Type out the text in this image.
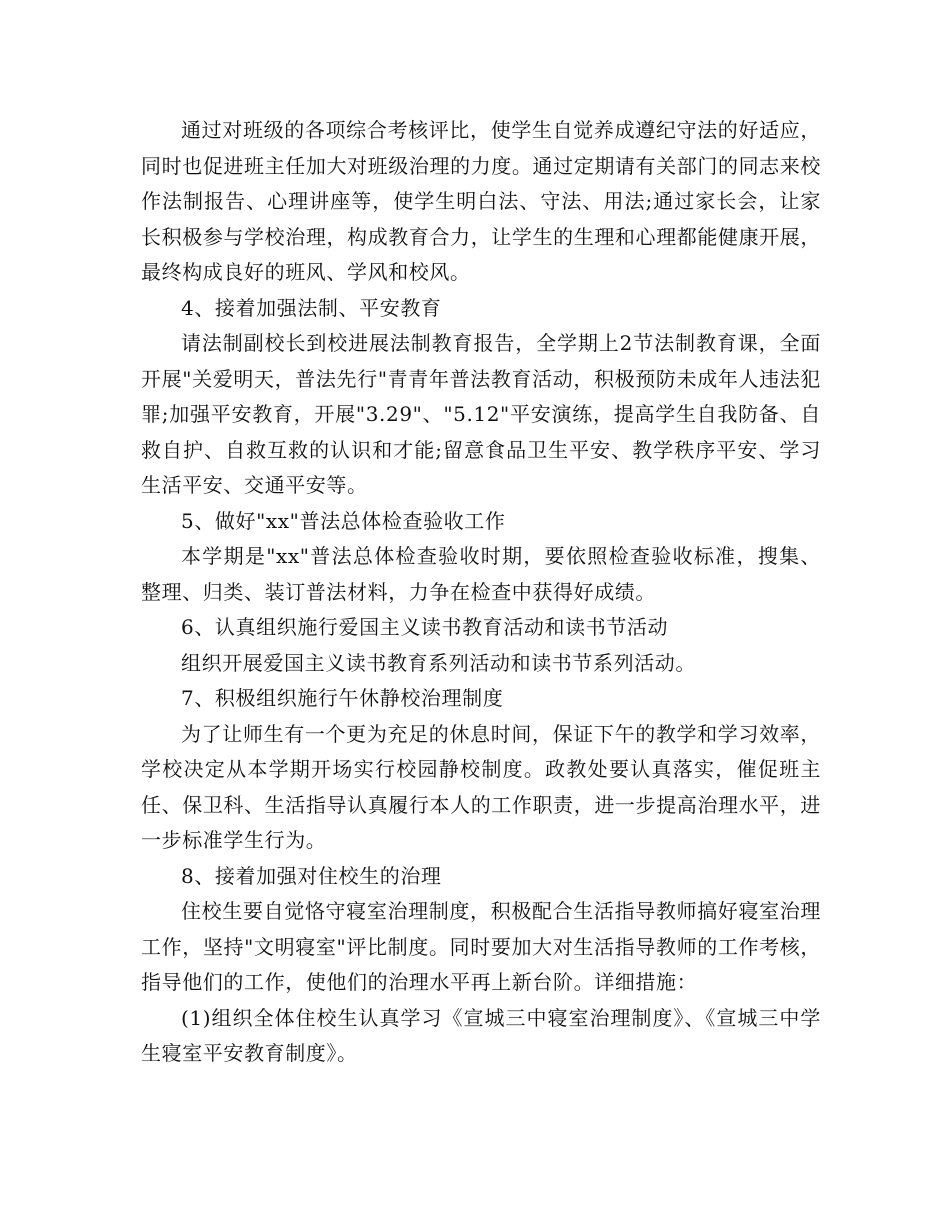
通过对班级的各项综合考核评比，使学生自觉养成遵纪守法的好适应，同时也促进班主任加大对班级治理的力度。通过定期请有关部门的同志来校作法制报告、心理讲座等，使学生明白法、守法、用法;通过家长会，让家长积极参与学校治理，构成教育合力，让学生的生理和心理都能健康开展，最终构成良好的班风、学风和校风。

4、接着加强法制、平安教育

请法制副校长到校进展法制教育报告，全学期上2节法制教育课，全面开展"关爱明天，普法先行"青青年普法教育活动，积极预防未成年人违法犯罪;加强平安教育，开展"3.29"、"5.12"平安演练，提高学生自我防备、自救自护、自救互救的认识和才能;留意食品卫生平安、教学秩序平安、学习生活平安、交通平安等。

5、做好"xx"普法总体检查验收工作

本学期是"xx"普法总体检查验收时期，要依照检查验收标准，搜集、整理、归类、装订普法材料，力争在检查中获得好成绩。

6、认真组织施行爱国主义读书教育活动和读书节活动

组织开展爱国主义读书教育系列活动和读书节系列活动。

7、积极组织施行午休静校治理制度

为了让师生有一个更为充足的休息时间，保证下午的教学和学习效率，学校决定从本学期开场实行校园静校制度。政教处要认真落实，催促班主任、保卫科、生活指导认真履行本人的工作职责，进一步提高治理水平，进一步标准学生行为。

8、接着加强对住校生的治理

住校生要自觉恪守寝室治理制度，积极配合生活指导教师搞好寝室治理工作，坚持"文明寝室"评比制度。同时要加大对生活指导教师的工作考核，指导他们的工作，使他们的治理水平再上新台阶。详细措施：

(1)组织全体住校生认真学习《宣城三中寝室治理制度》、《宣城三中学生寝室平安教育制度》。
